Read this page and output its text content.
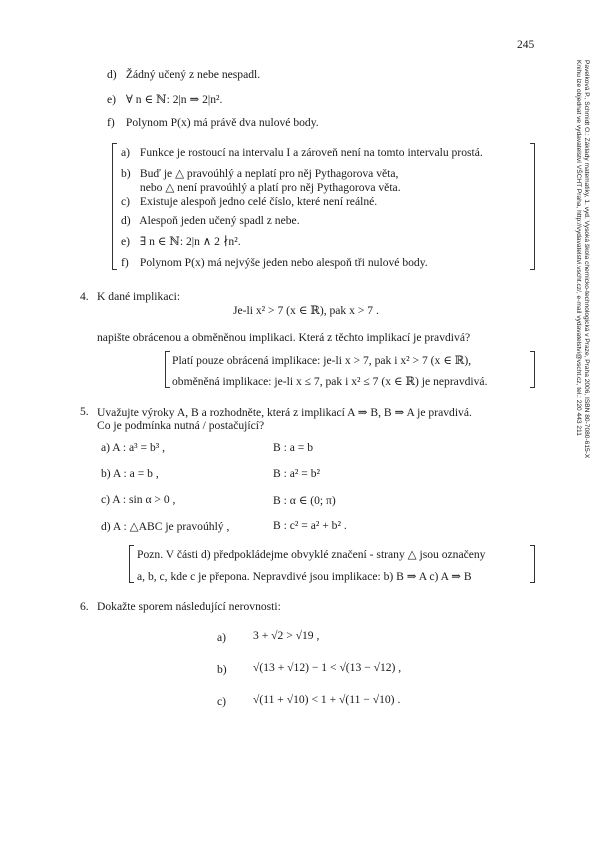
245
Pavelková P., Schmidt O.: Základy matematiky, 1. vyd. Vysoká škola chemicko-technologická v Praze, Praha 2006, ISBN 80-7080-615-X
Knihu lze objednat ve vydavatelství VŠCHT Praha, http://vydavatelstvi.vscht.cz/, e-mail vydavatelstvi@vscht.cz, tel.: 220 443 211
d) Žádný učený z nebe nespadl.
e) ∀ n ∈ ℕ: 2|n ⇒ 2|n².
f) Polynom P(x) má právě dva nulové body.
a) Funkce je rostoucí na intervalu I a zároveň není na tomto intervalu prostá.
b) Buď je △ pravoúhlý a neplatí pro něj Pythagorova věta,
nebo △ není pravoúhlý a platí pro něj Pythagorova věta.
c) Existuje alespoň jedno celé číslo, které není reálné.
d) Alespoň jeden učený spadl z nebe.
e) ∃ n ∈ ℕ: 2|n ∧ 2 ∤n².
f) Polynom P(x) má nejvýše jeden nebo alespoň tři nulové body.
4. K dané implikaci:
Je-li x² > 7 (x ∈ ℝ), pak x > 7 .
napište obrácenou a obměněnou implikaci. Která z těchto implikací je pravdivá?
Platí pouze obrácená implikace: je-li x > 7, pak i x² > 7 (x ∈ ℝ),
obměněná implikace: je-li x ≤ 7, pak i x² ≤ 7 (x ∈ ℝ) je nepravdivá.
5. Uvažujte výroky A, B a rozhodněte, která z implikací A ⇒ B, B ⇒ A je pravdivá.
Co je podmínka nutná / postačující?
a) A : a³ = b³ ,	B : a = b
b) A : a = b ,	B : a² = b²
c) A : sin α > 0 ,	B : α ∈ (0; π)
d) A : △ABC je pravoúhlý ,	B : c² = a² + b² .
Pozn. V části d) předpokládejme obvyklé značení - strany △ jsou označeny
a, b, c, kde c je přepona. Nepravdivé jsou implikace: b) B ⇒ A c) A ⇒ B
6. Dokažte sporem následující nerovnosti:
a) 3 + √2 > √19 ,
b) √(13 + √12) − 1 < √(13 − √12) ,
c) √(11 + √10) < 1 + √(11 − √10) .
